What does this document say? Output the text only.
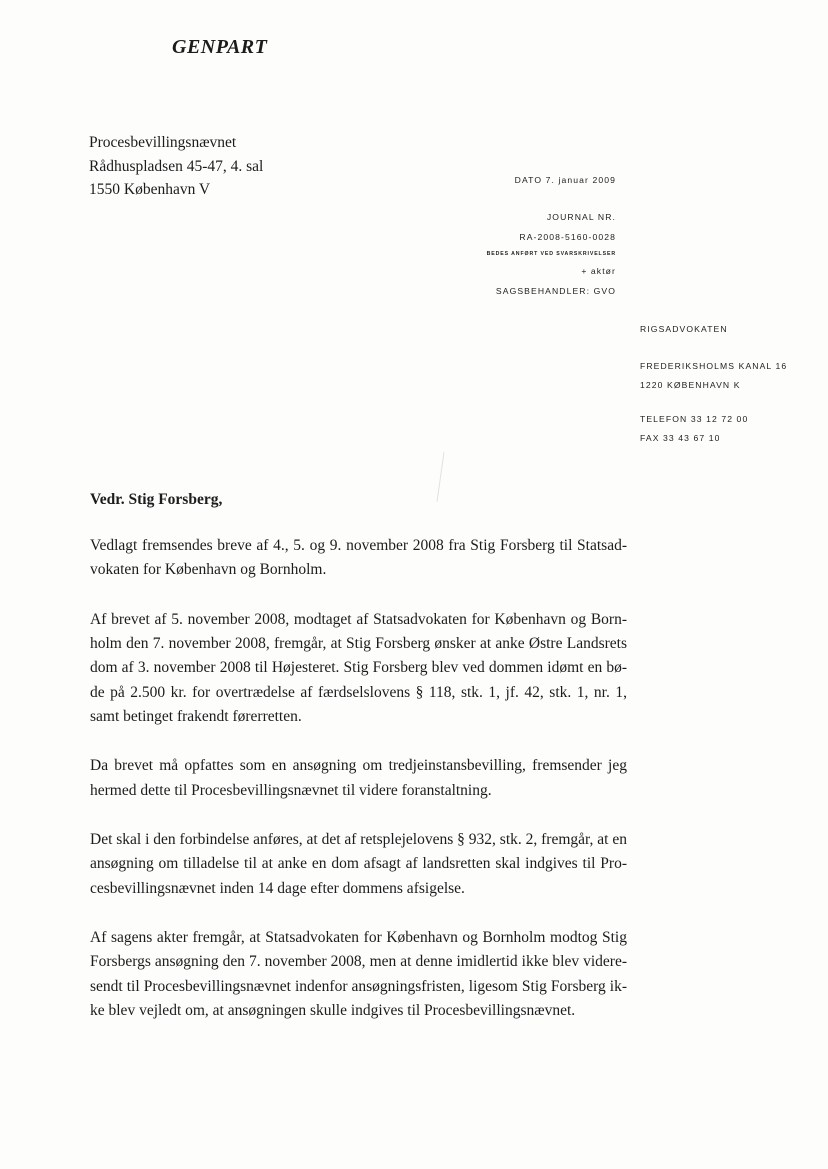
GENPART
Procesbevillingsnævnet
Rådhuspladsen 45-47, 4. sal
1550 København V
DATO 7. januar 2009
JOURNAL NR.
RA-2008-5160-0028
BEDES ANFØRT VED SVARSKRIVELSER
+ aktør
SAGSBEHANDLER: GVO
RIGSADVOKATEN
FREDERIKSHOLMS KANAL 16
1220 KØBENHAVN K
TELEFON 33 12 72 00
FAX 33 43 67 10
Vedr. Stig Forsberg,

Vedlagt fremsendes breve af 4., 5. og 9. november 2008 fra Stig Forsberg til Statsad-vokaten for København og Bornholm.

Af brevet af 5. november 2008, modtaget af Statsadvokaten for København og Born-holm den 7. november 2008, fremgår, at Stig Forsberg ønsker at anke Østre Landsrets dom af 3. november 2008 til Højesteret. Stig Forsberg blev ved dommen idømt en bø-de på 2.500 kr. for overtrædelse af færdselslovens § 118, stk. 1, jf. 42, stk. 1, nr. 1, samt betinget frakendt førerretten.

Da brevet må opfattes som en ansøgning om tredjeinstansbevilling, fremsender jeg hermed dette til Procesbevillingsnævnet til videre foranstaltning.

Det skal i den forbindelse anføres, at det af retsplejelovens § 932, stk. 2, fremgår, at en ansøgning om tilladelse til at anke en dom afsagt af landsretten skal indgives til Pro-cesbevillingsnævnet inden 14 dage efter dommens afsigelse.

Af sagens akter fremgår, at Statsadvokaten for København og Bornholm modtog Stig Forsbergs ansøgning den 7. november 2008, men at denne imidlertid ikke blev videre-sendt til Procesbevillingsnævnet indenfor ansøgningsfristen, ligesom Stig Forsberg ik-ke blev vejledt om, at ansøgningen skulle indgives til Procesbevillingsnævnet.
